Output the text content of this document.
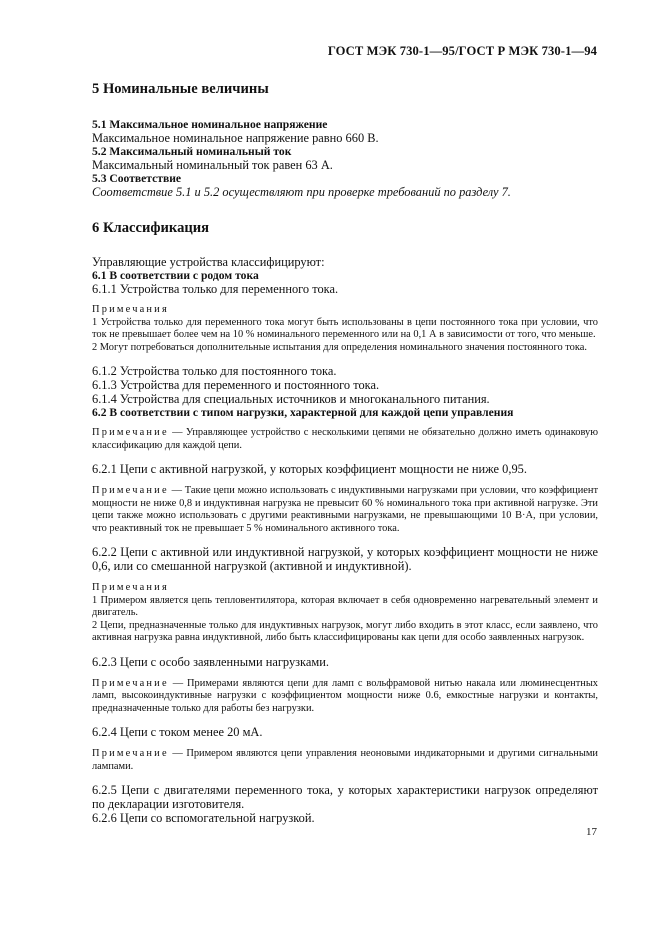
ГОСТ МЭК 730-1—95/ГОСТ Р МЭК 730-1—94
5 Номинальные величины
5.1 Максимальное номинальное напряжение
Максимальное номинальное напряжение равно 660 В.
5.2 Максимальный номинальный ток
Максимальный номинальный ток равен 63 А.
5.3 Соответствие
Соответствие 5.1 и 5.2 осуществляют при проверке требований по разделу 7.
6 Классификация
Управляющие устройства классифицируют:
6.1 В соответствии с родом тока
6.1.1 Устройства только для переменного тока.
Примечания
1 Устройства только для переменного тока могут быть использованы в цепи постоянного тока при условии, что ток не превышает более чем на 10 % номинального переменного или на 0,1 А в зависимости от того, что меньше.
2 Могут потребоваться дополнительные испытания для определения номинального значения постоянного тока.
6.1.2 Устройства только для постоянного тока.
6.1.3 Устройства для переменного и постоянного тока.
6.1.4 Устройства для специальных источников и многоканального питания.
6.2 В соответствии с типом нагрузки, характерной для каждой цепи управления
Примечание — Управляющее устройство с несколькими цепями не обязательно должно иметь одинаковую классификацию для каждой цепи.
6.2.1 Цепи с активной нагрузкой, у которых коэффициент мощности не ниже 0,95.
Примечание — Такие цепи можно использовать с индуктивными нагрузками при условии, что коэффициент мощности не ниже 0,8 и индуктивная нагрузка не превысит 60 % номинального тока при активной нагрузке. Эти цепи также можно использовать с другими реактивными нагрузками, не превышающими 10 В·А, при условии, что реактивный ток не превышает 5 % номинального активного тока.
6.2.2 Цепи с активной или индуктивной нагрузкой, у которых коэффициент мощности не ниже 0,6, или со смешанной нагрузкой (активной и индуктивной).
Примечания
1 Примером является цепь тепловентилятора, которая включает в себя одновременно нагревательный элемент и двигатель.
2 Цепи, предназначенные только для индуктивных нагрузок, могут либо входить в этот класс, если заявлено, что активная нагрузка равна индуктивной, либо быть классифицированы как цепи для особо заявленных нагрузок.
6.2.3 Цепи с особо заявленными нагрузками.
Примечание — Примерами являются цепи для ламп с вольфрамовой нитью накала или люминесцентных ламп, высокоиндуктивные нагрузки с коэффициентом мощности ниже 0.6, емкостные нагрузки и контакты, предназначенные только для работы без нагрузки.
6.2.4 Цепи с током менее 20 мА.
Примечание — Примером являются цепи управления неоновыми индикаторными и другими сигнальными лампами.
6.2.5 Цепи с двигателями переменного тока, у которых характеристики нагрузок определяют по декларации изготовителя.
6.2.6 Цепи со вспомогательной нагрузкой.
17
